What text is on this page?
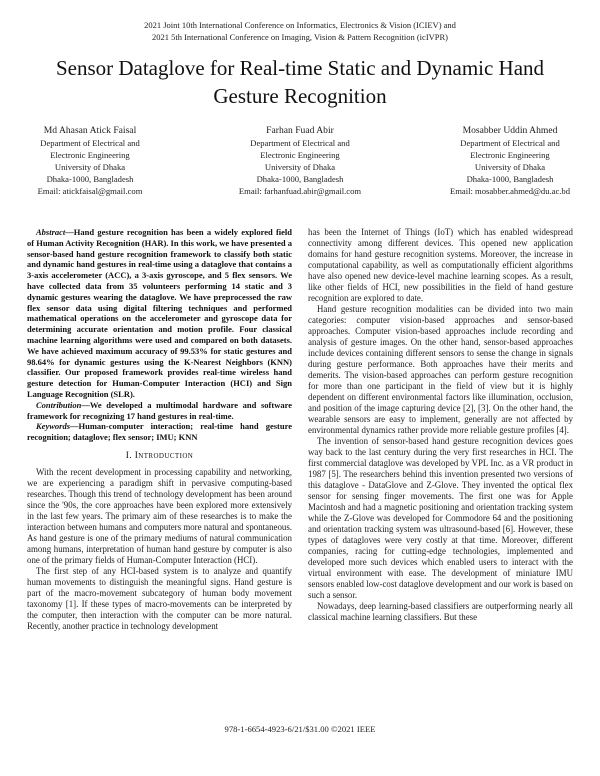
2021 Joint 10th International Conference on Informatics, Electronics & Vision (ICIEV) and
2021 5th International Conference on Imaging, Vision & Pattern Recognition (icIVPR)
Sensor Dataglove for Real-time Static and Dynamic Hand Gesture Recognition
Md Ahasan Atick Faisal
Department of Electrical and
Electronic Engineering
University of Dhaka
Dhaka-1000, Bangladesh
Email: atickfaisal@gmail.com
Farhan Fuad Abir
Department of Electrical and
Electronic Engineering
University of Dhaka
Dhaka-1000, Bangladesh
Email: farhanfuad.abir@gmail.com
Mosabber Uddin Ahmed
Department of Electrical and
Electronic Engineering
University of Dhaka
Dhaka-1000, Bangladesh
Email: mosabber.ahmed@du.ac.bd

Abstract—Hand gesture recognition has been a widely explored field of Human Activity Recognition (HAR). In this work, we have presented a sensor-based hand gesture recognition framework to classify both static and dynamic hand gestures in real-time using a dataglove that contains a 3-axis accelerometer (ACC), a 3-axis gyroscope, and 5 flex sensors. We have collected data from 35 volunteers performing 14 static and 3 dynamic gestures wearing the dataglove. We have preprocessed the raw flex sensor data using digital filtering techniques and performed mathematical operations on the accelerometer and gyroscope data for determining accurate orientation and motion profile. Four classical machine learning algorithms were used and compared on both datasets. We have achieved maximum accuracy of 99.53% for static gestures and 98.64% for dynamic gestures using the K-Nearest Neighbors (KNN) classifier. Our proposed framework provides real-time wireless hand gesture detection for Human-Computer Interaction (HCI) and Sign Language Recognition (SLR).

Contribution—We developed a multimodal hardware and software framework for recognizing 17 hand gestures in real-time.

Keywords—Human-computer interaction; real-time hand gesture recognition; dataglove; flex sensor; IMU; KNN

I. Introduction

With the recent development in processing capability and networking, we are experiencing a paradigm shift in pervasive computing-based researches. Though this trend of technology development has been around since the '90s, the core approaches have been explored more extensively in the last few years. The primary aim of these researches is to make the interaction between humans and computers more natural and spontaneous. As hand gesture is one of the primary mediums of natural communication among humans, interpretation of human hand gesture by computer is also one of the primary fields of Human-Computer Interaction (HCI).

The first step of any HCI-based system is to analyze and quantify human movements to distinguish the meaningful signs. Hand gesture is part of the macro-movement subcategory of human body movement taxonomy [1]. If these types of macro-movements can be interpreted by the computer, then interaction with the computer can be more natural. Recently, another practice in technology development

has been the Internet of Things (IoT) which has enabled widespread connectivity among different devices. This opened new application domains for hand gesture recognition systems. Moreover, the increase in computational capability, as well as computationally efficient algorithms have also opened new device-level machine learning scopes. As a result, like other fields of HCI, new possibilities in the field of hand gesture recognition are explored to date.

Hand gesture recognition modalities can be divided into two main categories: computer vision-based approaches and sensor-based approaches. Computer vision-based approaches include recording and analysis of gesture images. On the other hand, sensor-based approaches include devices containing different sensors to sense the change in signals during gesture performance. Both approaches have their merits and demerits. The vision-based approaches can perform gesture recognition for more than one participant in the field of view but it is highly dependent on different environmental factors like illumination, occlusion, and position of the image capturing device [2], [3]. On the other hand, the wearable sensors are easy to implement, generally are not affected by environmental dynamics rather provide more reliable gesture profiles [4].

The invention of sensor-based hand gesture recognition devices goes way back to the last century during the very first researches in HCI. The first commercial dataglove was developed by VPL Inc. as a VR product in 1987 [5]. The researchers behind this invention presented two versions of this dataglove - DataGlove and Z-Glove. They invented the optical flex sensor for sensing finger movements. The first one was for Apple Macintosh and had a magnetic positioning and orientation tracking system while the Z-Glove was developed for Commodore 64 and the positioning and orientation tracking system was ultrasound-based [6]. However, these types of datagloves were very costly at that time. Moreover, different companies, racing for cutting-edge technologies, implemented and developed more such devices which enabled users to interact with the virtual environment with ease. The development of miniature IMU sensors enabled low-cost dataglove development and our work is based on such a sensor.

Nowadays, deep learning-based classifiers are outperforming nearly all classical machine learning classifiers. But these

978-1-6654-4923-6/21/$31.00 ©2021 IEEE
